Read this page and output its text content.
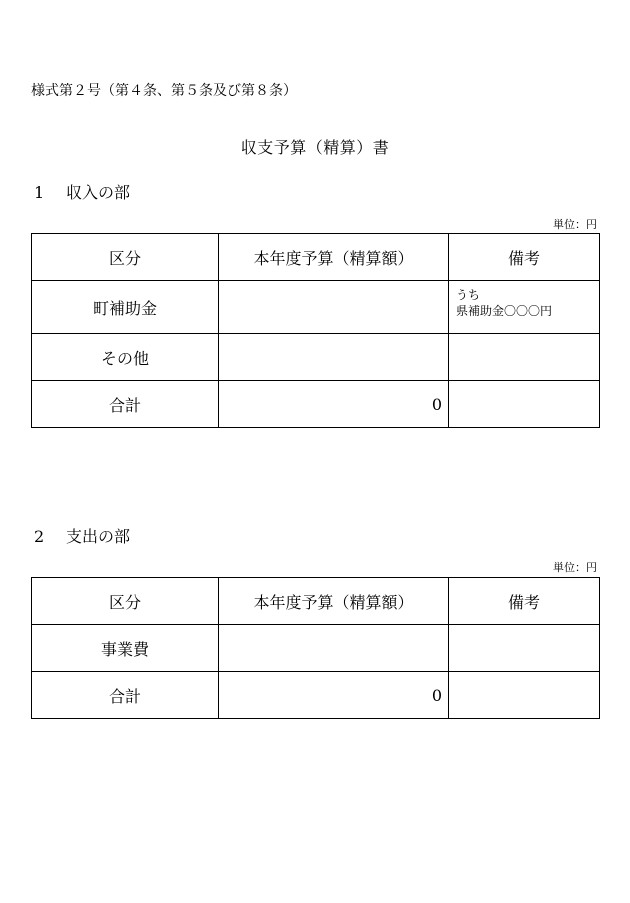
様式第２号（第４条、第５条及び第８条）
収支予算（精算）書
1 収入の部
単位：円
区分	本年度予算（精算額）	備考
町補助金		うち
県補助金〇〇〇円

その他		
合計	0	
2 支出の部
単位：円
区分	本年度予算（精算額）	備考
事業費		
合計	0	
